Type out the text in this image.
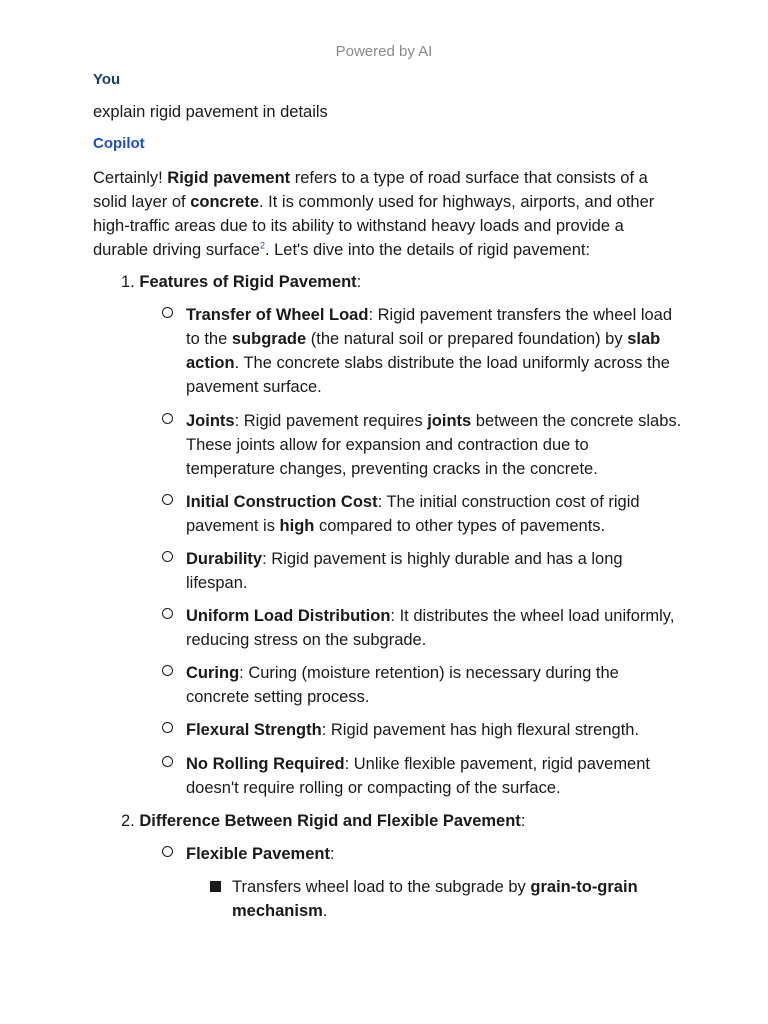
Powered by AI
You
explain rigid pavement in details
Copilot

Certainly! Rigid pavement refers to a type of road surface that consists of a solid layer of concrete. It is commonly used for highways, airports, and other high-traffic areas due to its ability to withstand heavy loads and provide a durable driving surface$^2$. Let's dive into the details of rigid pavement:

1. Features of Rigid Pavement:
Transfer of Wheel Load: Rigid pavement transfers the wheel load to the subgrade (the natural soil or prepared foundation) by slab action. The concrete slabs distribute the load uniformly across the pavement surface.
Joints: Rigid pavement requires joints between the concrete slabs. These joints allow for expansion and contraction due to temperature changes, preventing cracks in the concrete.
Initial Construction Cost: The initial construction cost of rigid pavement is high compared to other types of pavements.
Durability: Rigid pavement is highly durable and has a long lifespan.
Uniform Load Distribution: It distributes the wheel load uniformly, reducing stress on the subgrade.
Curing: Curing (moisture retention) is necessary during the concrete setting process.
Flexural Strength: Rigid pavement has high flexural strength.
No Rolling Required: Unlike flexible pavement, rigid pavement doesn't require rolling or compacting of the surface.
2. Difference Between Rigid and Flexible Pavement:
Flexible Pavement:
Transfers wheel load to the subgrade by grain-to-grain mechanism.
